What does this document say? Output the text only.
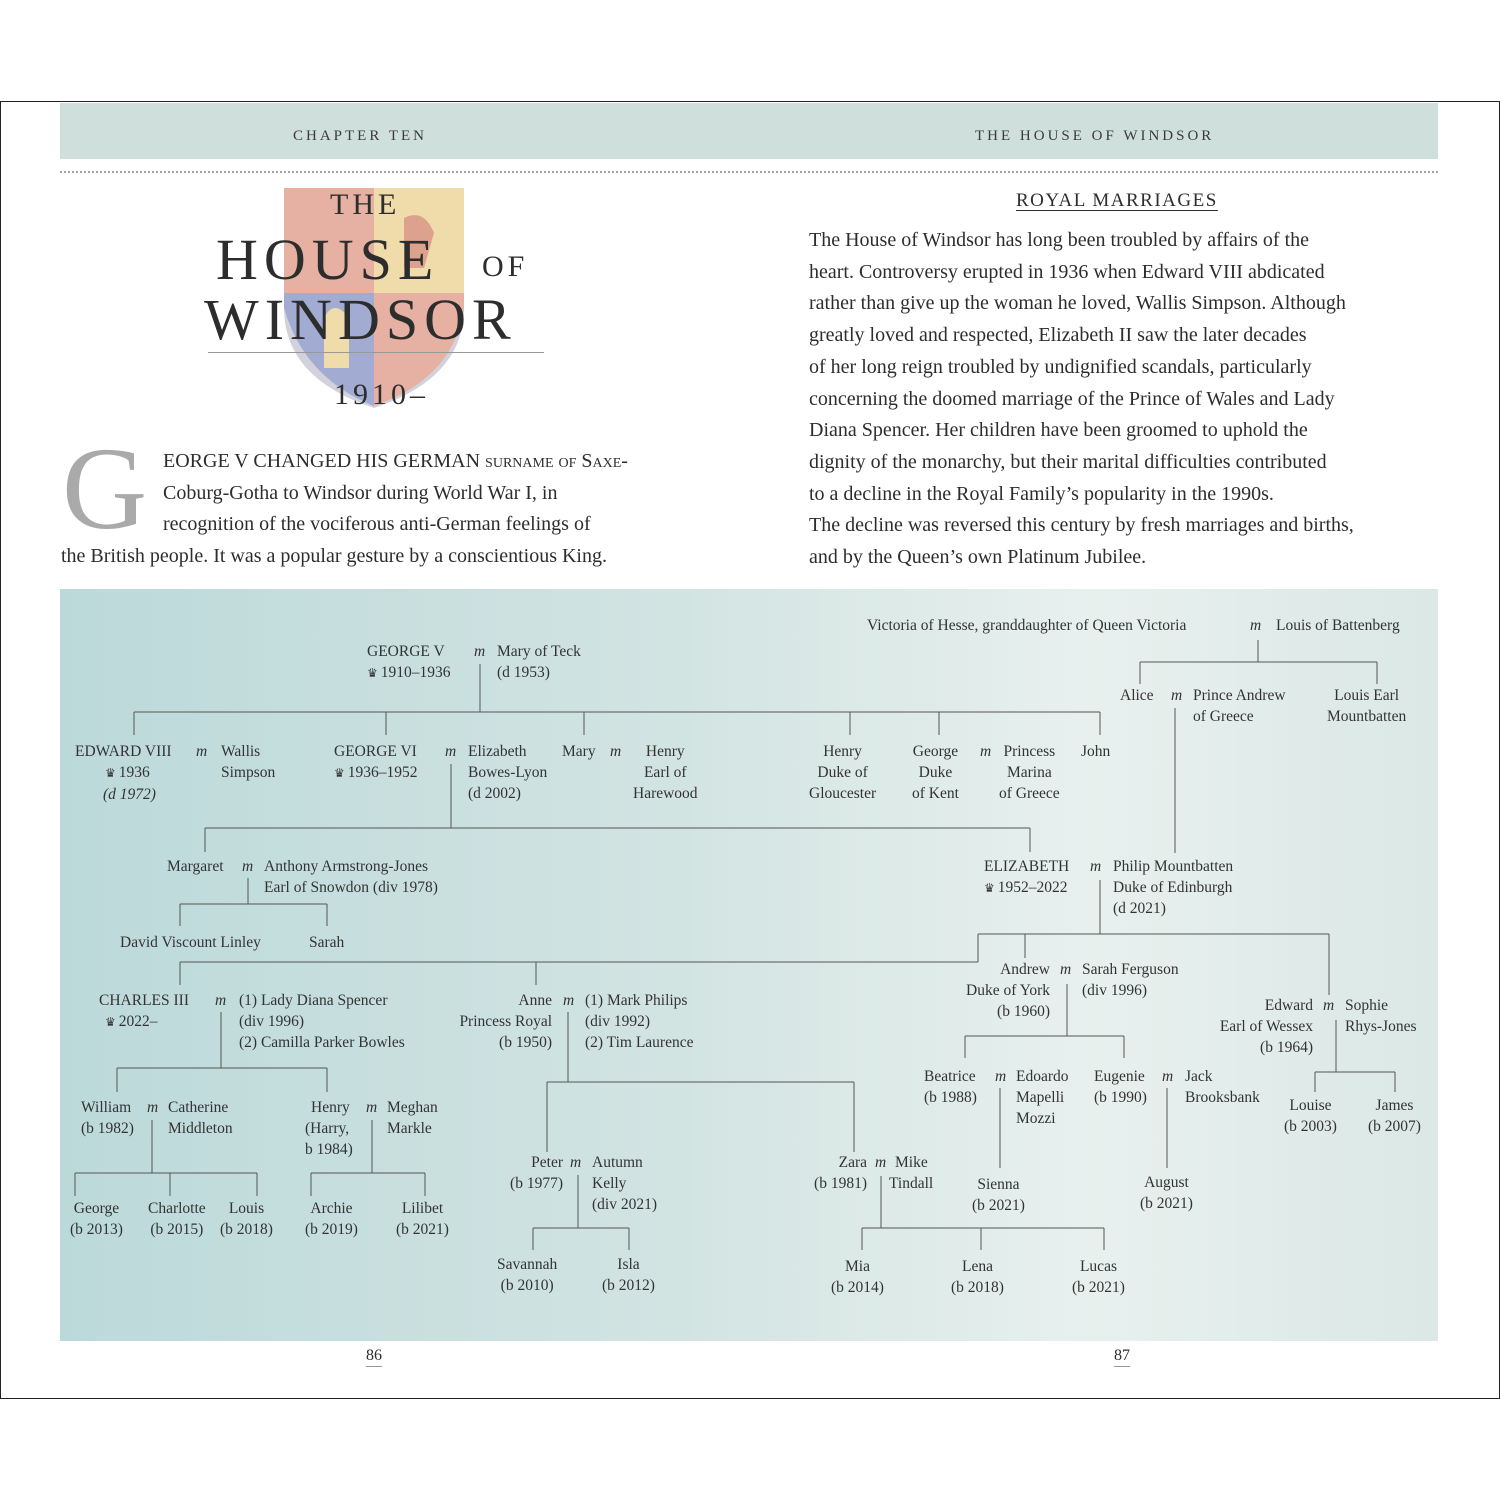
CHAPTER TEN	THE HOUSE OF WINDSOR
THE
HOUSE OF
WINDSOR
1910–
G EORGE V CHANGED HIS GERMAN surname of Saxe-
Coburg-Gotha to Windsor during World War I, in
recognition of the vociferous anti-German feelings of
the British people. It was a popular gesture by a conscientious King.
ROYAL MARRIAGES
The House of Windsor has long been troubled by affairs of the
heart. Controversy erupted in 1936 when Edward VIII abdicated
rather than give up the woman he loved, Wallis Simpson. Although
greatly loved and respected, Elizabeth II saw the later decades
of her long reign troubled by undignified scandals, particularly
concerning the doomed marriage of the Prince of Wales and Lady
Diana Spencer. Her children have been groomed to uphold the
dignity of the monarchy, but their marital difficulties contributed
to a decline in the Royal Family’s popularity in the 1990s.
The decline was reversed this century by fresh marriages and births,
and by the Queen’s own Platinum Jubilee.
Victoria of Hesse, granddaughter of Queen Victoria	m Louis of Battenberg
GEORGE V
♛ 1910–1936
m Mary of Teck
(d 1953)
Alice m Prince Andrew
of Greece
Louis Earl
Mountbatten
EDWARD VIII
♛ 1936
(d 1972)
m Wallis
Simpson
GEORGE VI
♛ 1936–1952
m Elizabeth
Bowes-Lyon
(d 2002)
Mary m	Henry
Earl of
Harewood
Henry
Duke of
Gloucester
George
Duke
of Kent
m Princess
Marina
of Greece
John
Margaret m Anthony Armstrong-Jones
Earl of Snowdon (div 1978)
ELIZABETH
♛ 1952–2022
m Philip Mountbatten
Duke of Edinburgh
(d 2021)
David Viscount Linley	Sarah
CHARLES III
♛ 2022–
m (1) Lady Diana Spencer
(div 1996)
(2) Camilla Parker Bowles
Anne
Princess Royal
(b 1950)
m (1) Mark Philips
(div 1992)
(2) Tim Laurence
Andrew
Duke of York
(b 1960)
m Sarah Ferguson
(div 1996)
Edward
Earl of Wessex
(b 1964)
m Sophie
Rhys-Jones
William
(b 1982)
m Catherine
Middleton
Henry
(Harry,
b 1984)
m Meghan
Markle
Beatrice
(b 1988)
m Edoardo
Mapelli
Mozzi
Eugenie
(b 1990)
m Jack
Brooksbank	Louise
(b 2003)
James
(b 2007)
Peter
(b 1977)
m Autumn
Kelly
(div 2021)
Zara
(b 1981)
m Mike
Tindall	Sienna
(b 2021)
August
(b 2021)
George
(b 2013)
Charlotte
(b 2015)
Louis
(b 2018)
Archie
(b 2019)
Lilibet
(b 2021)
Savannah
(b 2010)
Isla
(b 2012)
Mia
(b 2014)
Lena
(b 2018)
Lucas
(b 2021)
86	87
